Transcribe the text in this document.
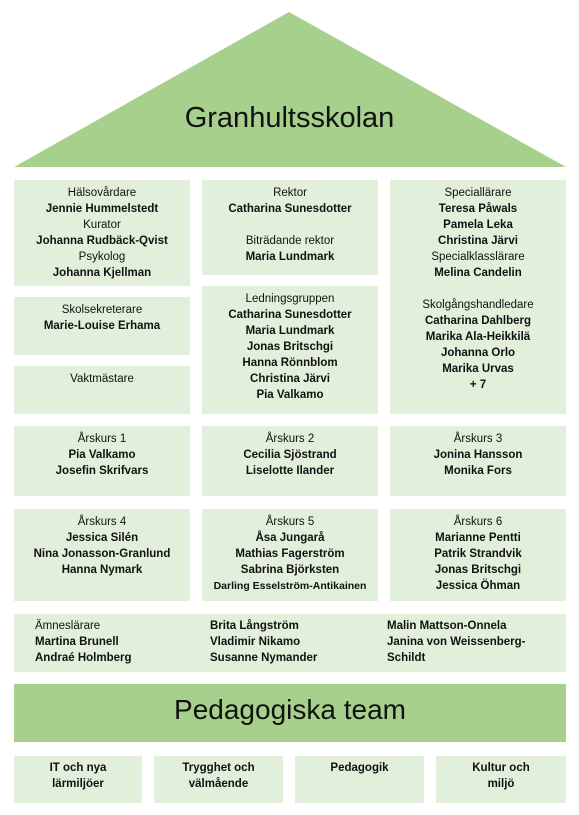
Granhultsskolan
Hälsovårdare
Jennie Hummelstedt
Kurator
Johanna Rudbäck-Qvist
Psykolog
Johanna Kjellman
Skolsekreterare
Marie-Louise Erhama
Vaktmästare
Rektor
Catharina Sunesdotter
Biträdande rektor
Maria Lundmark
Ledningsgruppen
Catharina Sunesdotter
Maria Lundmark
Jonas Britschgi
Hanna Rönnblom
Christina Järvi
Pia Valkamo
Speciallärare
Teresa Påwals
Pamela Leka
Christina Järvi
Specialklasslärare
Melina Candelin
Skolgångshandledare
Catharina Dahlberg
Marika Ala-Heikkilä
Johanna Orlo
Marika Urvas
+ 7
Årskurs 1
Pia Valkamo
Josefin Skrifvars
Årskurs 2
Cecilia Sjöstrand
Liselotte Ilander
Årskurs 3
Jonina Hansson
Monika Fors
Årskurs 4
Jessica Silén
Nina Jonasson-Granlund
Hanna Nymark
Årskurs 5
Åsa Jungarå
Mathias Fagerström
Sabrina Björksten
Darling Esselström-Antikainen
Årskurs 6
Marianne Pentti
Patrik Strandvik
Jonas Britschgi
Jessica Öhman
Ämneslärare
Martina Brunell
Andraé Holmberg
Brita Långström
Vladimir Nikamo
Susanne Nymander
Malin Mattson-Onnela
Janina von Weissenberg-
Schildt
Pedagogiska team
IT och nya
lärmiljöer
Trygghet och
välmående
Pedagogik	Kultur och
miljö
